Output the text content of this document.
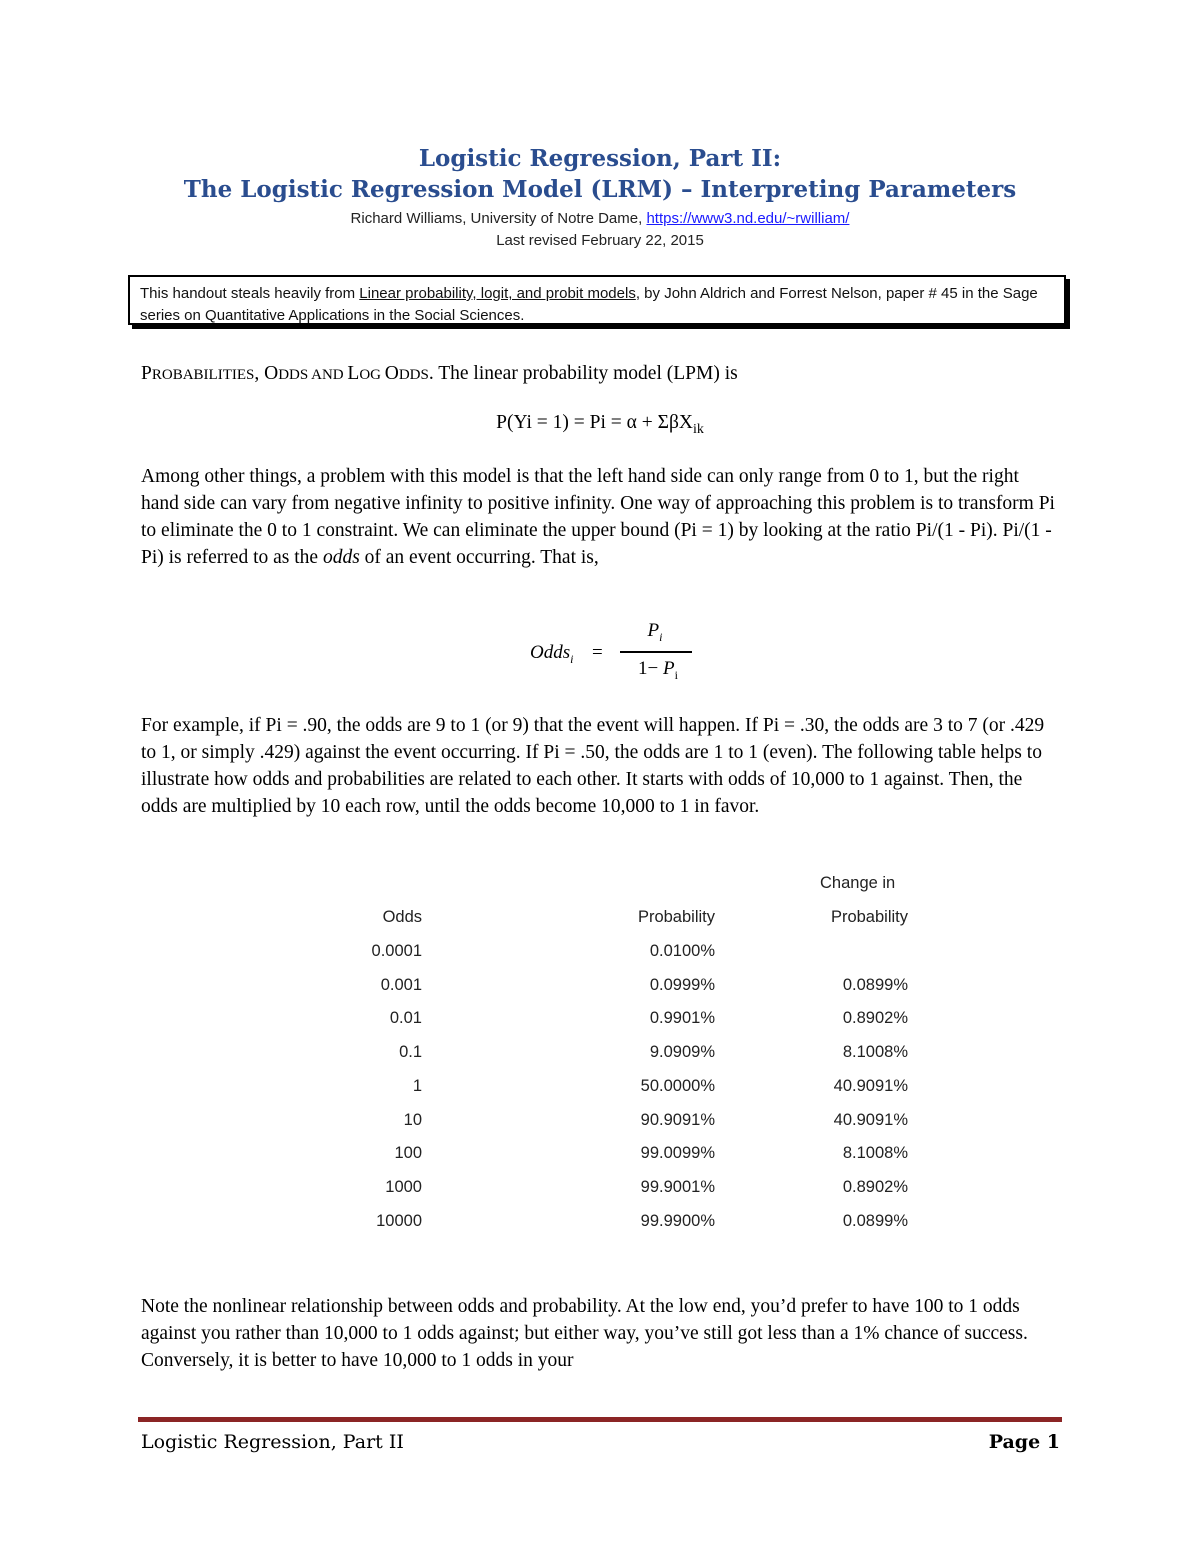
Logistic Regression, Part II:
The Logistic Regression Model (LRM) – Interpreting Parameters
Richard Williams, University of Notre Dame, https://www3.nd.edu/~rwilliam/
Last revised February 22, 2015
This handout steals heavily from Linear probability, logit, and probit models, by John Aldrich and Forrest Nelson, paper # 45 in the Sage series on Quantitative Applications in the Social Sciences.
PROBABILITIES, ODDS AND LOG ODDS. The linear probability model (LPM) is
P(Yi = 1) = Pi = α + ΣβX$_{ik}$
Among other things, a problem with this model is that the left hand side can only range from 0 to 1, but the right hand side can vary from negative infinity to positive infinity. One way of approaching this problem is to transform Pi to eliminate the 0 to 1 constraint. We can eliminate the upper bound (Pi = 1) by looking at the ratio Pi/(1 - Pi). Pi/(1 - Pi) is referred to as the odds of an event occurring. That is,
Odds$_i$ =
$P_i$
$1- P_i$
For example, if Pi = .90, the odds are 9 to 1 (or 9) that the event will happen. If Pi = .30, the odds are 3 to 7 (or .429 to 1, or simply .429) against the event occurring. If Pi = .50, the odds are 1 to 1 (even). The following table helps to illustrate how odds and probabilities are related to each other. It starts with odds of 10,000 to 1 against. Then, the odds are multiplied by 10 each row, until the odds become 10,000 to 1 in favor.
Change in
Odds	Probability	Probability
0.0001	0.0100%
0.001	0.0999%	0.0899%
0.01	0.9901%	0.8902%
0.1	9.0909%	8.1008%
1	50.0000%	40.9091%
10	90.9091%	40.9091%
100	99.0099%	8.1008%
1000	99.9001%	0.8902%
10000	99.9900%	0.0899%
Note the nonlinear relationship between odds and probability. At the low end, you’d prefer to have 100 to 1 odds against you rather than 10,000 to 1 odds against; but either way, you’ve still got less than a 1% chance of success. Conversely, it is better to have 10,000 to 1 odds in your
Logistic Regression, Part II	Page 1
